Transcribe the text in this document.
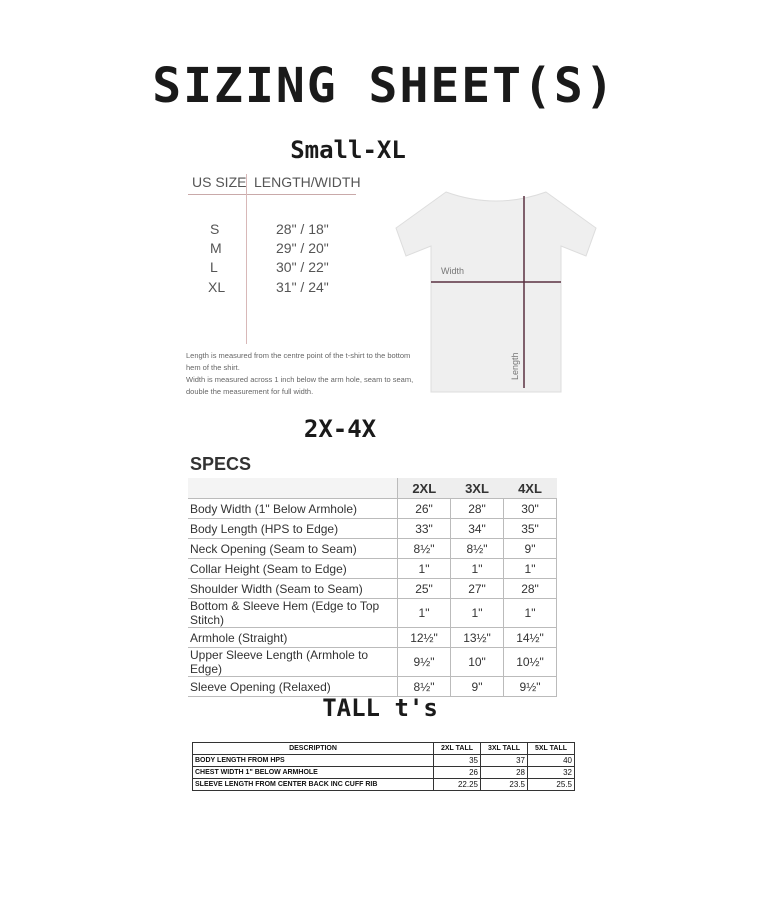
SIZING SHEET(S)
Small-XL
US SIZE LENGTH/WIDTH
S	28" / 18"
M	29" / 20"
L	30" / 22"
XL	31" / 24"
Length is measured from the centre point of the t-shirt to the bottom hem of the shirt.
Width is measured across 1 inch below the arm hole, seam to seam, double the measurement for full width.
Width
Length
2X-4X
SPECS
	2XL	3XL	4XL
Body Width (1" Below Armhole)	26"	28"	30"
Body Length (HPS to Edge)	33"	34"	35"
Neck Opening (Seam to Seam)	8½"	8½"	9"
Collar Height (Seam to Edge)	1"	1"	1"
Shoulder Width (Seam to Seam)	25"	27"	28"
Bottom & Sleeve Hem (Edge to Top Stitch)	1"	1"	1"
Armhole (Straight)	12½"	13½"	14½"
Upper Sleeve Length (Armhole to Edge)	9½"	10"	10½"
Sleeve Opening (Relaxed)	8½"	9"	9½"
TALL t's
DESCRIPTION	2XL TALL	3XL TALL	5XL TALL
BODY LENGTH FROM HPS	35	37	40
CHEST WIDTH 1" BELOW ARMHOLE	26	28	32
SLEEVE LENGTH FROM CENTER BACK INC CUFF RIB	22.25	23.5	25.5
